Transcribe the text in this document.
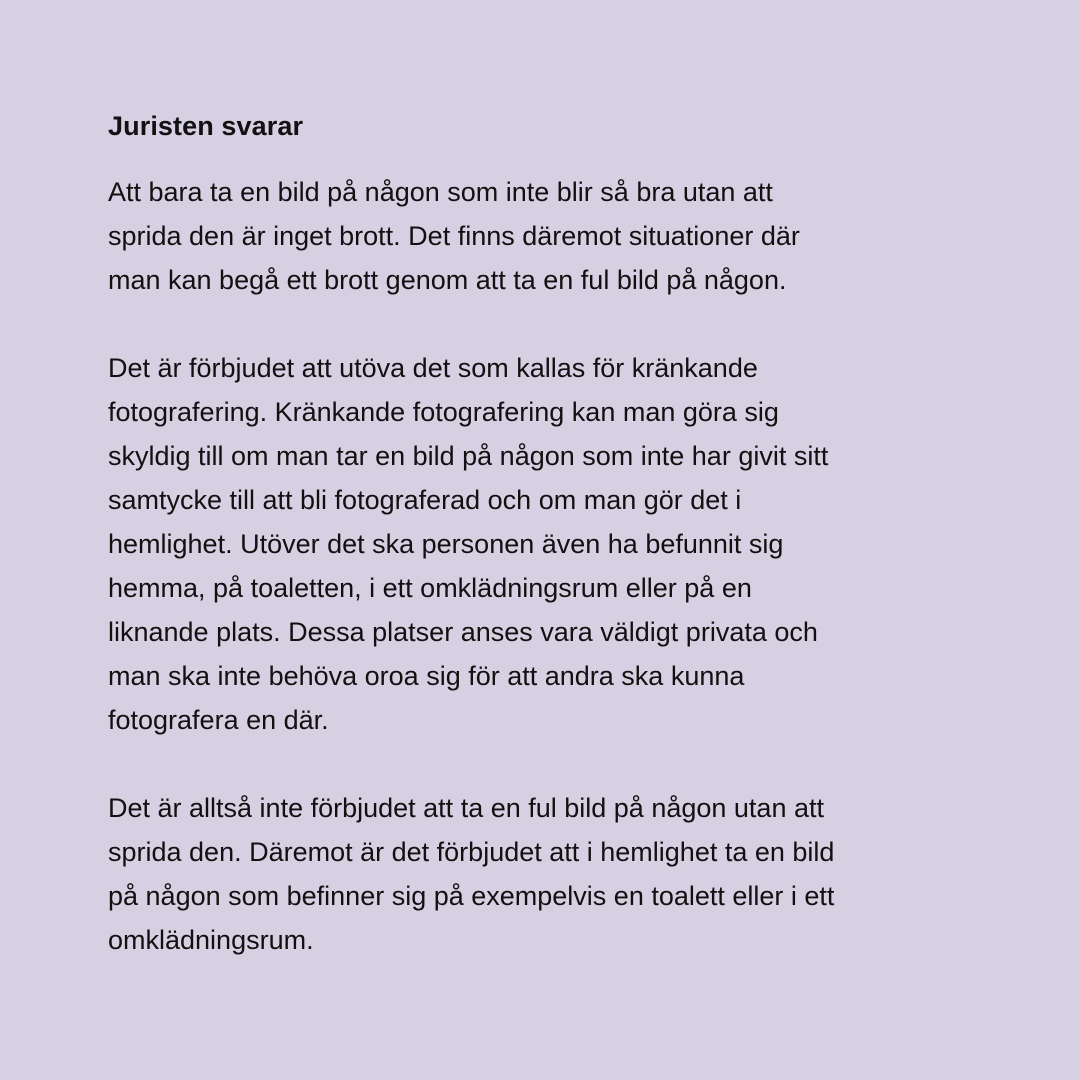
Juristen svarar

Att bara ta en bild på någon som inte blir så bra utan att
sprida den är inget brott. Det finns däremot situationer där
man kan begå ett brott genom att ta en ful bild på någon.

Det är förbjudet att utöva det som kallas för kränkande
fotografering. Kränkande fotografering kan man göra sig
skyldig till om man tar en bild på någon som inte har givit sitt
samtycke till att bli fotograferad och om man gör det i
hemlighet. Utöver det ska personen även ha befunnit sig
hemma, på toaletten, i ett omklädningsrum eller på en
liknande plats. Dessa platser anses vara väldigt privata och
man ska inte behöva oroa sig för att andra ska kunna
fotografera en där.

Det är alltså inte förbjudet att ta en ful bild på någon utan att
sprida den. Däremot är det förbjudet att i hemlighet ta en bild
på någon som befinner sig på exempelvis en toalett eller i ett
omklädningsrum.
